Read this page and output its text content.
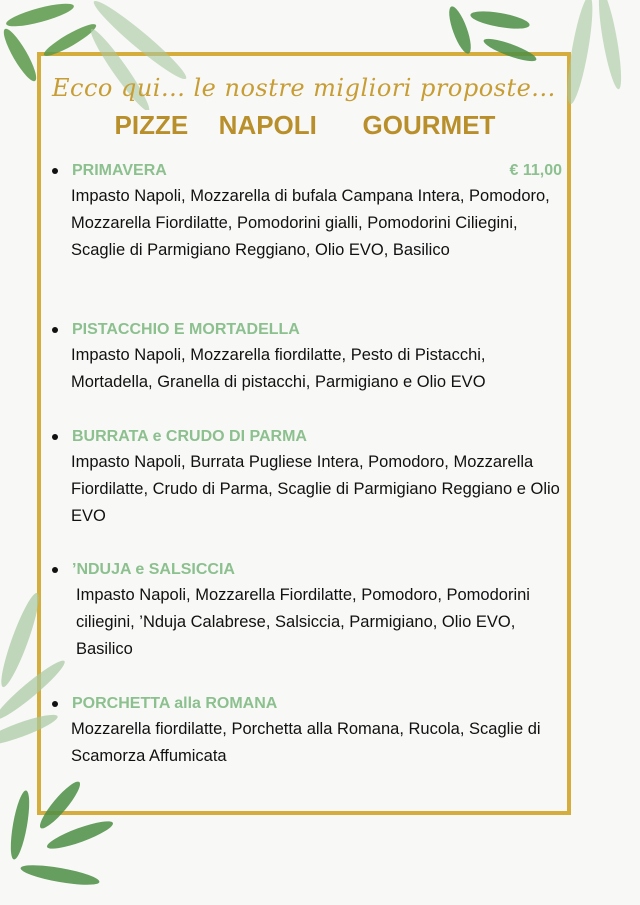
Ecco qui... le nostre migliori proposte...
PIZZE  NAPOLI   GOURMET
PRIMAVERA	€ 11,00
Impasto Napoli, Mozzarella di bufala Campana Intera, Pomodoro, Mozzarella Fiordilatte, Pomodorini gialli, Pomodorini Ciliegini, Scaglie di Parmigiano Reggiano, Olio EVO, Basilico
PISTACCHIO E MORTADELLA
Impasto Napoli, Mozzarella fiordilatte, Pesto di Pistacchi, Mortadella, Granella di pistacchi, Parmigiano e Olio EVO
BURRATA e CRUDO DI PARMA
Impasto Napoli, Burrata Pugliese Intera, Pomodoro, Mozzarella Fiordilatte, Crudo di Parma, Scaglie di Parmigiano Reggiano e Olio EVO
’NDUJA e SALSICCIA
Impasto Napoli, Mozzarella Fiordilatte, Pomodoro, Pomodorini ciliegini, ’Nduja Calabrese, Salsiccia, Parmigiano, Olio EVO, Basilico
PORCHETTA alla ROMANA
Mozzarella fiordilatte, Porchetta alla Romana, Rucola, Scaglie di Scamorza Affumicata
